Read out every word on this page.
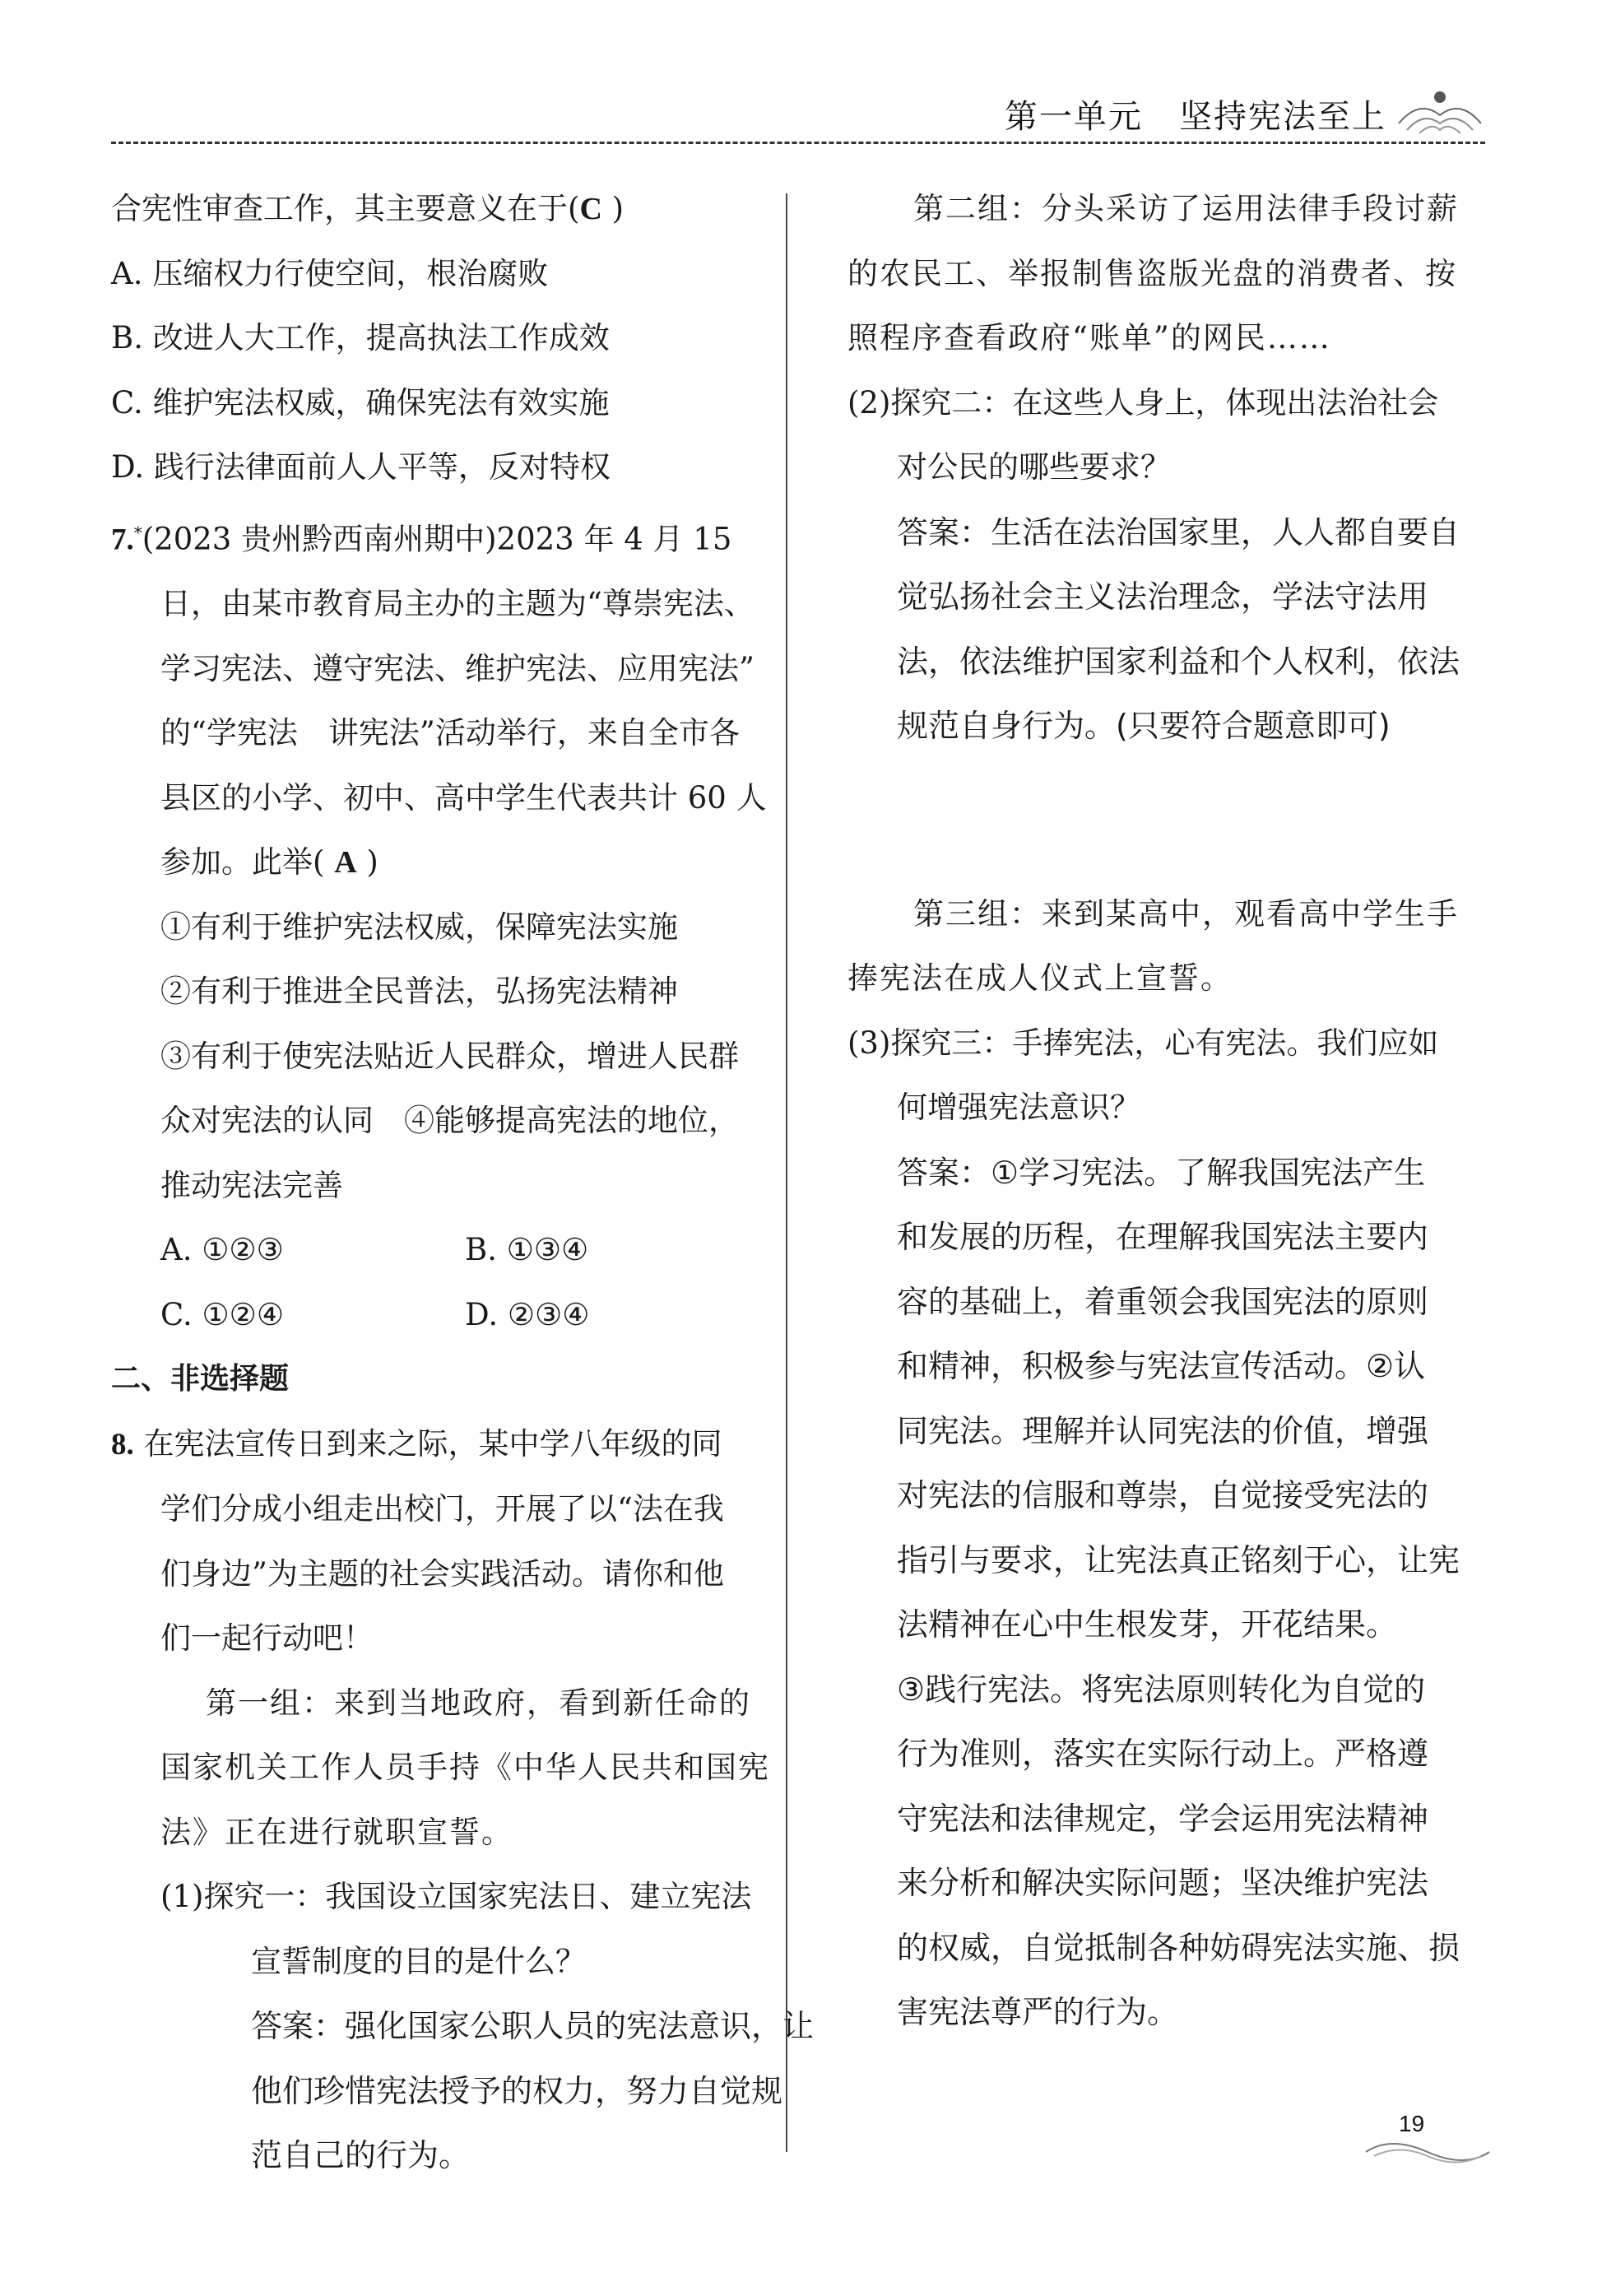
第一单元 坚持宪法至上
合宪性审查工作，其主要意义在于(C )
A. 压缩权力行使空间，根治腐败
B. 改进人大工作，提高执法工作成效
C. 维护宪法权威，确保宪法有效实施
D. 践行法律面前人人平等，反对特权
7.*(2023 贵州黔西南州期中)2023 年 4 月 15
日，由某市教育局主办的主题为“尊崇宪法、
学习宪法、遵守宪法、维护宪法、应用宪法”
的“学宪法　讲宪法”活动举行，来自全市各
县区的小学、初中、高中学生代表共计 60 人
参加。此举( A )
①有利于维护宪法权威，保障宪法实施
②有利于推进全民普法，弘扬宪法精神
③有利于使宪法贴近人民群众，增进人民群
众对宪法的认同　④能够提高宪法的地位，
推动宪法完善
A. ①②③	B. ①③④
C. ①②④	D. ②③④
二、非选择题
8. 在宪法宣传日到来之际，某中学八年级的同
学们分成小组走出校门，开展了以“法在我
们身边”为主题的社会实践活动。请你和他
们一起行动吧！
第一组：来到当地政府，看到新任命的
国家机关工作人员手持《中华人民共和国宪
法》正在进行就职宣誓。
(1)探究一：我国设立国家宪法日、建立宪法
宣誓制度的目的是什么？
答案：强化国家公职人员的宪法意识，让
他们珍惜宪法授予的权力，努力自觉规
范自己的行为。
第二组：分头采访了运用法律手段讨薪
的农民工、举报制售盗版光盘的消费者、按
照程序查看政府“账单”的网民……
(2)探究二：在这些人身上，体现出法治社会
对公民的哪些要求？
答案：生活在法治国家里，人人都自要自
觉弘扬社会主义法治理念，学法守法用
法，依法维护国家利益和个人权利，依法
规范自身行为。(只要符合题意即可)
第三组：来到某高中，观看高中学生手
捧宪法在成人仪式上宣誓。
(3)探究三：手捧宪法，心有宪法。我们应如
何增强宪法意识？
答案：①学习宪法。了解我国宪法产生
和发展的历程，在理解我国宪法主要内
容的基础上，着重领会我国宪法的原则
和精神，积极参与宪法宣传活动。②认
同宪法。理解并认同宪法的价值，增强
对宪法的信服和尊崇，自觉接受宪法的
指引与要求，让宪法真正铭刻于心，让宪
法精神在心中生根发芽，开花结果。
③践行宪法。将宪法原则转化为自觉的
行为准则，落实在实际行动上。严格遵
守宪法和法律规定，学会运用宪法精神
来分析和解决实际问题；坚决维护宪法
的权威，自觉抵制各种妨碍宪法实施、损
害宪法尊严的行为。
19
